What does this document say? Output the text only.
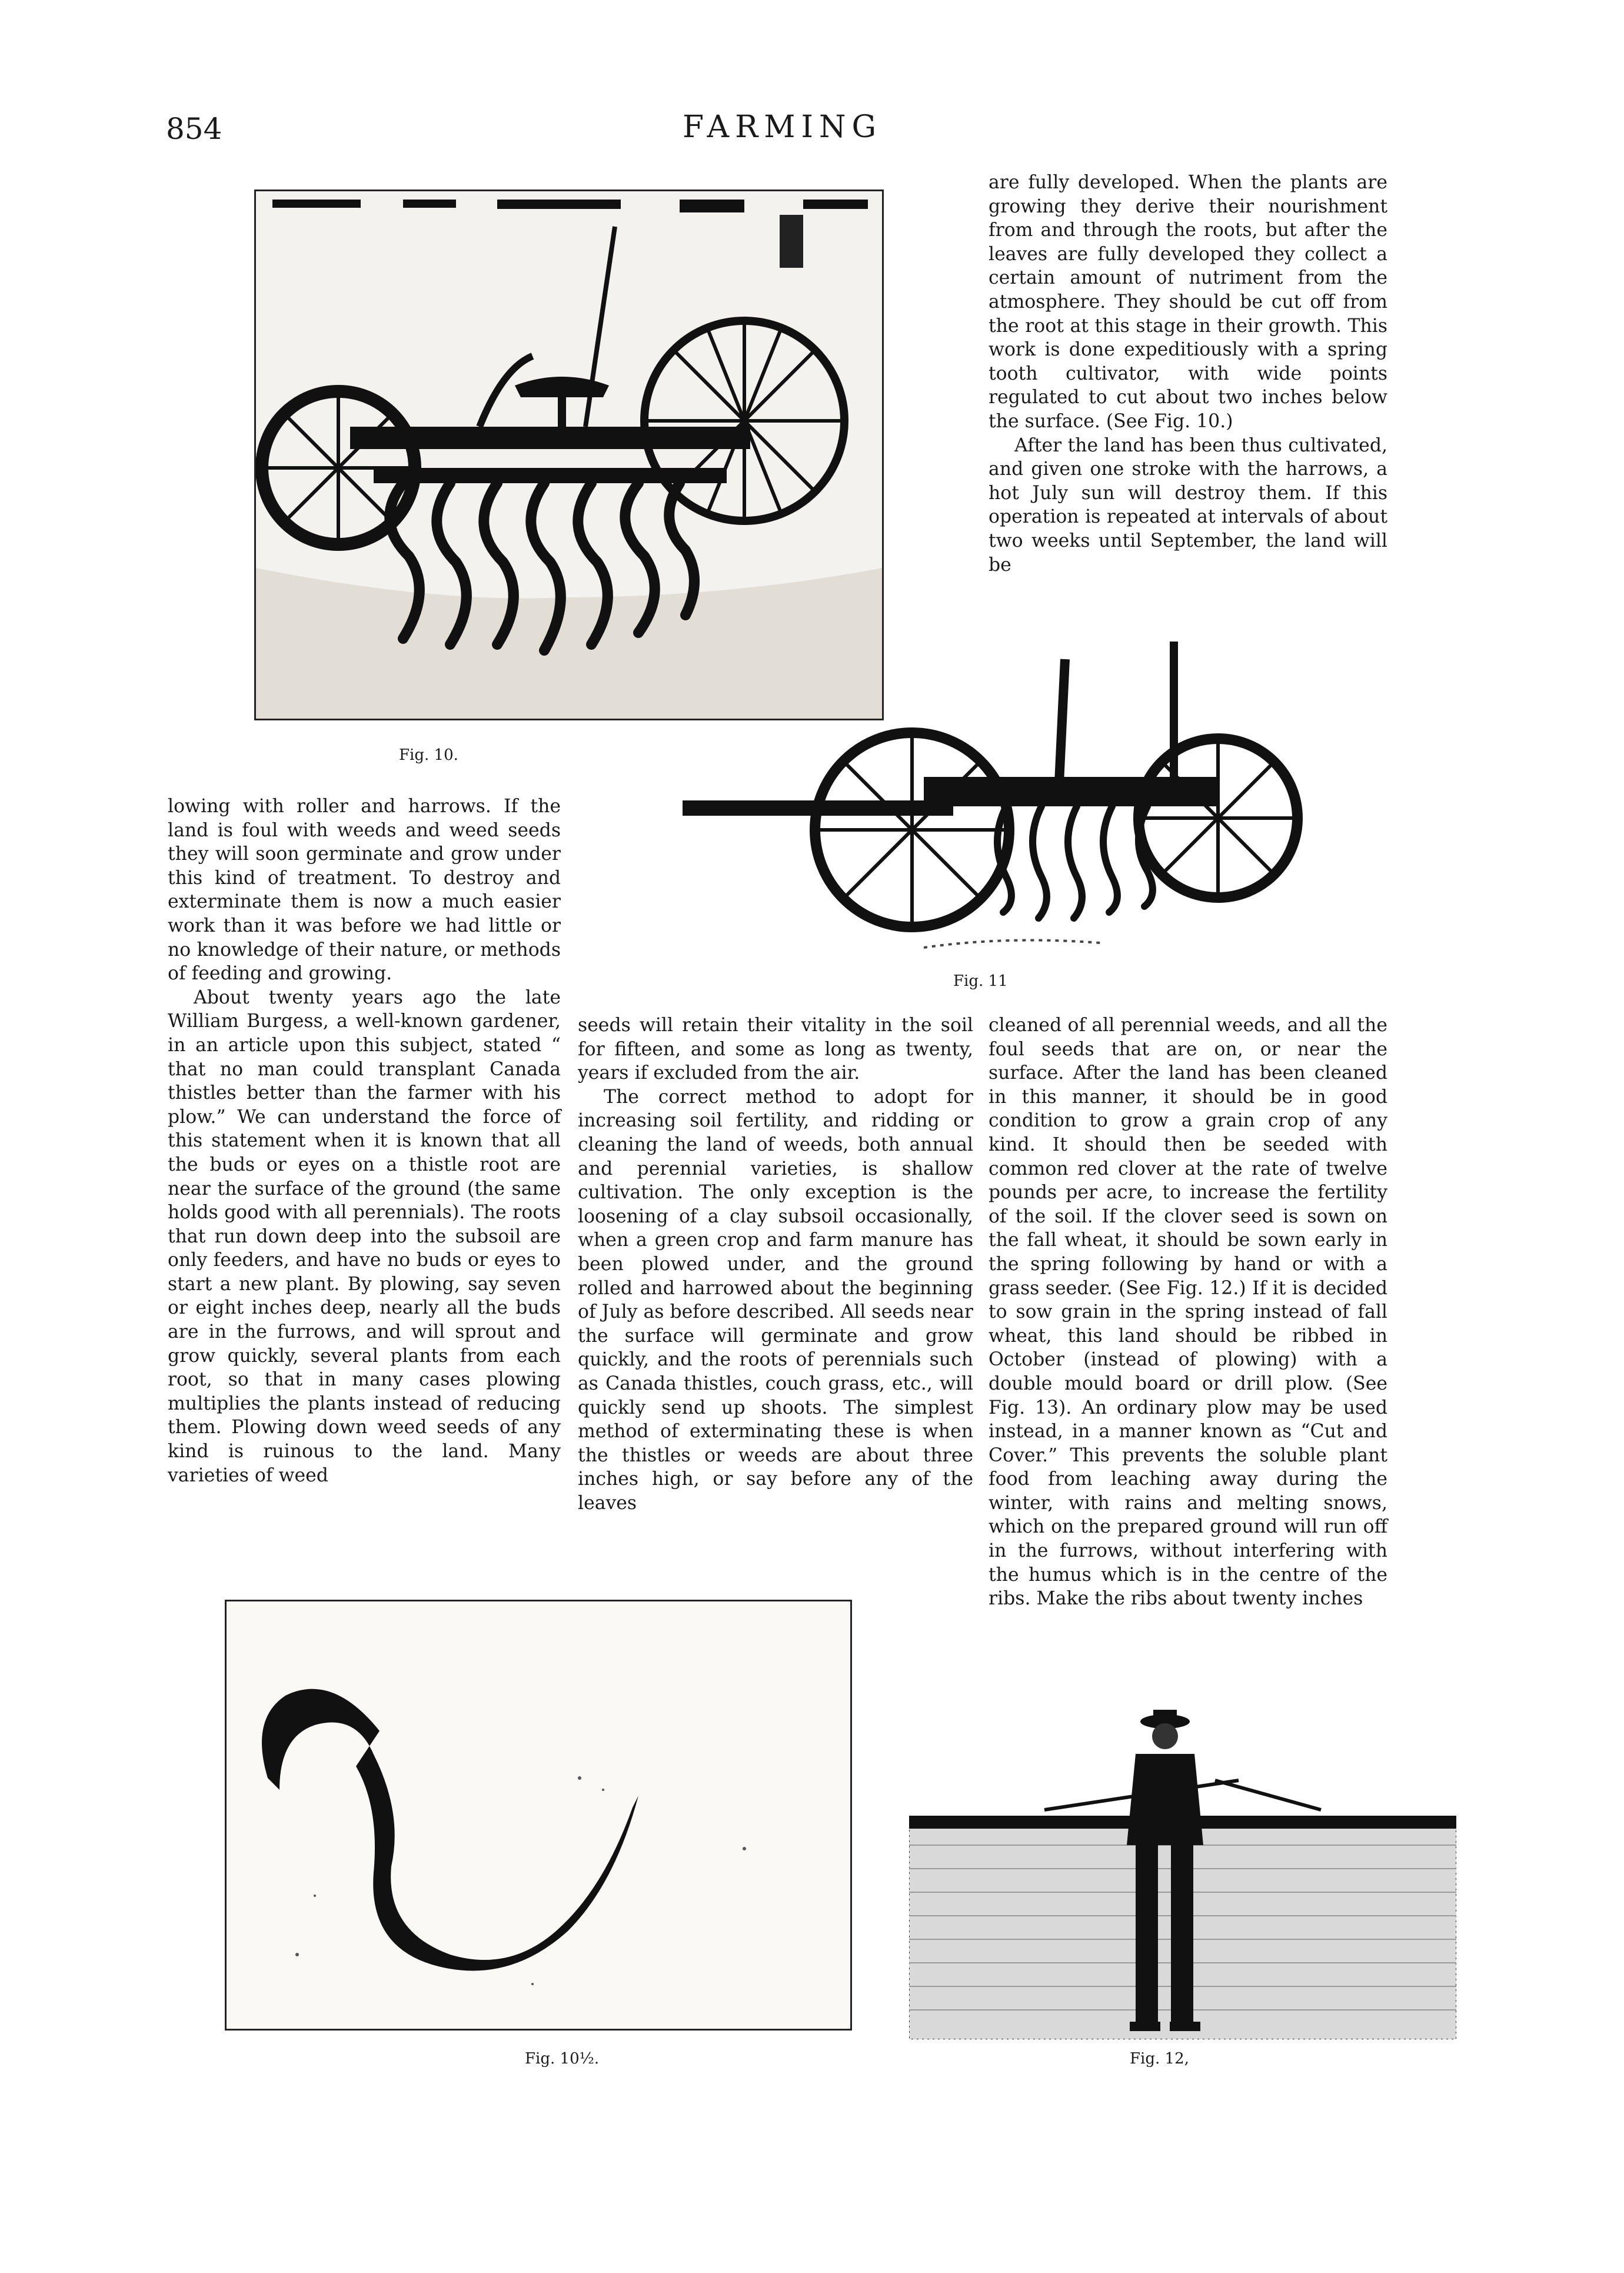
854	FARMING
Fig. 10.

are fully developed. When the plants are growing they derive their nourishment from and through the roots, but after the leaves are fully developed they collect a certain amount of nutriment from the atmosphere. They should be cut off from the root at this stage in their growth. This work is done expeditiously with a spring tooth cultivator, with wide points regulated to cut about two inches below the surface. (See Fig. 10.)

After the land has been thus cultivated, and given one stroke with the harrows, a hot July sun will destroy them. If this operation is repeated at intervals of about two weeks until September, the land will be

Fig. 11

lowing with roller and harrows. If the land is foul with weeds and weed seeds they will soon germinate and grow under this kind of treatment. To destroy and exterminate them is now a much easier work than it was before we had little or no knowledge of their nature, or methods of feeding and growing.

About twenty years ago the late William Burgess, a well-known gardener, in an article upon this subject, stated “ that no man could transplant Canada thistles better than the farmer with his plow.” We can understand the force of this statement when it is known that all the buds or eyes on a thistle root are near the surface of the ground (the same holds good with all perennials). The roots that run down deep into the subsoil are only feeders, and have no buds or eyes to start a new plant. By plowing, say seven or eight inches deep, nearly all the buds are in the furrows, and will sprout and grow quickly, several plants from each root, so that in many cases plowing multiplies the plants instead of reducing them. Plowing down weed seeds of any kind is ruinous to the land. Many varieties of weed

seeds will retain their vitality in the soil for fifteen, and some as long as twenty, years if excluded from the air.

The correct method to adopt for increasing soil fertility, and ridding or cleaning the land of weeds, both annual and perennial varieties, is shallow cultivation. The only exception is the loosening of a clay subsoil occasionally, when a green crop and farm manure has been plowed under, and the ground rolled and harrowed about the beginning of July as before described. All seeds near the surface will germinate and grow quickly, and the roots of perennials such as Canada thistles, couch grass, etc., will quickly send up shoots. The simplest method of exterminating these is when the thistles or weeds are about three inches high, or say before any of the leaves

cleaned of all perennial weeds, and all the foul seeds that are on, or near the surface. After the land has been cleaned in this manner, it should be in good condition to grow a grain crop of any kind. It should then be seeded with common red clover at the rate of twelve pounds per acre, to increase the fertility of the soil. If the clover seed is sown on the fall wheat, it should be sown early in the spring following by hand or with a grass seeder. (See Fig. 12.) If it is decided to sow grain in the spring instead of fall wheat, this land should be ribbed in October (instead of plowing) with a double mould board or drill plow. (See Fig. 13). An ordinary plow may be used instead, in a manner known as “Cut and Cover.” This prevents the soluble plant food from leaching away during the winter, with rains and melting snows, which on the prepared ground will run off in the furrows, without interfering with the humus which is in the centre of the ribs. Make the ribs about twenty inches

Fig. 10½.	Fig. 12,
